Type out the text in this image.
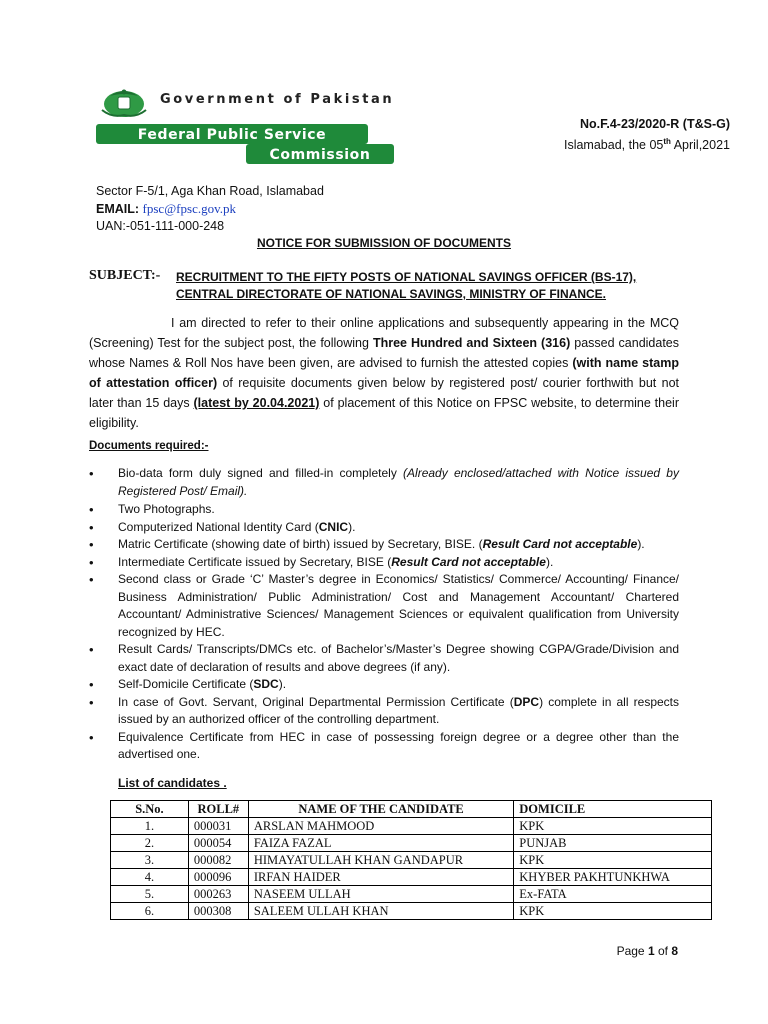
Government of Pakistan
Federal Public Service
Commission
No.F.4-23/2020-R (T&S-G)
Islamabad, the 05th April,2021
Sector F-5/1, Aga Khan Road, Islamabad
EMAIL: fpsc@fpsc.gov.pk
UAN:-051-111-000-248
NOTICE FOR SUBMISSION OF DOCUMENTS
SUBJECT:- RECRUITMENT TO THE FIFTY POSTS OF NATIONAL SAVINGS OFFICER (BS-17), CENTRAL DIRECTORATE OF NATIONAL SAVINGS, MINISTRY OF FINANCE.
I am directed to refer to their online applications and subsequently appearing in the MCQ (Screening) Test for the subject post, the following Three Hundred and Sixteen (316) passed candidates whose Names & Roll Nos have been given, are advised to furnish the attested copies (with name stamp of attestation officer) of requisite documents given below by registered post/ courier forthwith but not later than 15 days (latest by 20.04.2021) of placement of this Notice on FPSC website, to determine their eligibility.
Documents required:-
• Bio-data form duly signed and filled-in completely (Already enclosed/attached with Notice issued by Registered Post/ Email).
• Two Photographs.
• Computerized National Identity Card (CNIC).
• Matric Certificate (showing date of birth) issued by Secretary, BISE. (Result Card not acceptable).
• Intermediate Certificate issued by Secretary, BISE (Result Card not acceptable).
• Second class or Grade ‘C’ Master’s degree in Economics/ Statistics/ Commerce/ Accounting/ Finance/ Business Administration/ Public Administration/ Cost and Management Accountant/ Chartered Accountant/ Administrative Sciences/ Management Sciences or equivalent qualification from University recognized by HEC.
• Result Cards/ Transcripts/DMCs etc. of Bachelor’s/Master’s Degree showing CGPA/Grade/Division and exact date of declaration of results and above degrees (if any).
• Self-Domicile Certificate (SDC).
• In case of Govt. Servant, Original Departmental Permission Certificate (DPC) complete in all respects issued by an authorized officer of the controlling department.
• Equivalence Certificate from HEC in case of possessing foreign degree or a degree other than the advertised one.
List of candidates .
S.No.	ROLL#	NAME OF THE CANDIDATE	DOMICILE
1.	000031	ARSLAN MAHMOOD	KPK
2.	000054	FAIZA FAZAL	PUNJAB
3.	000082	HIMAYATULLAH KHAN GANDAPUR	KPK
4.	000096	IRFAN HAIDER	KHYBER PAKHTUNKHWA
5.	000263	NASEEM ULLAH	Ex-FATA
6.	000308	SALEEM ULLAH KHAN	KPK
Page 1 of 8
